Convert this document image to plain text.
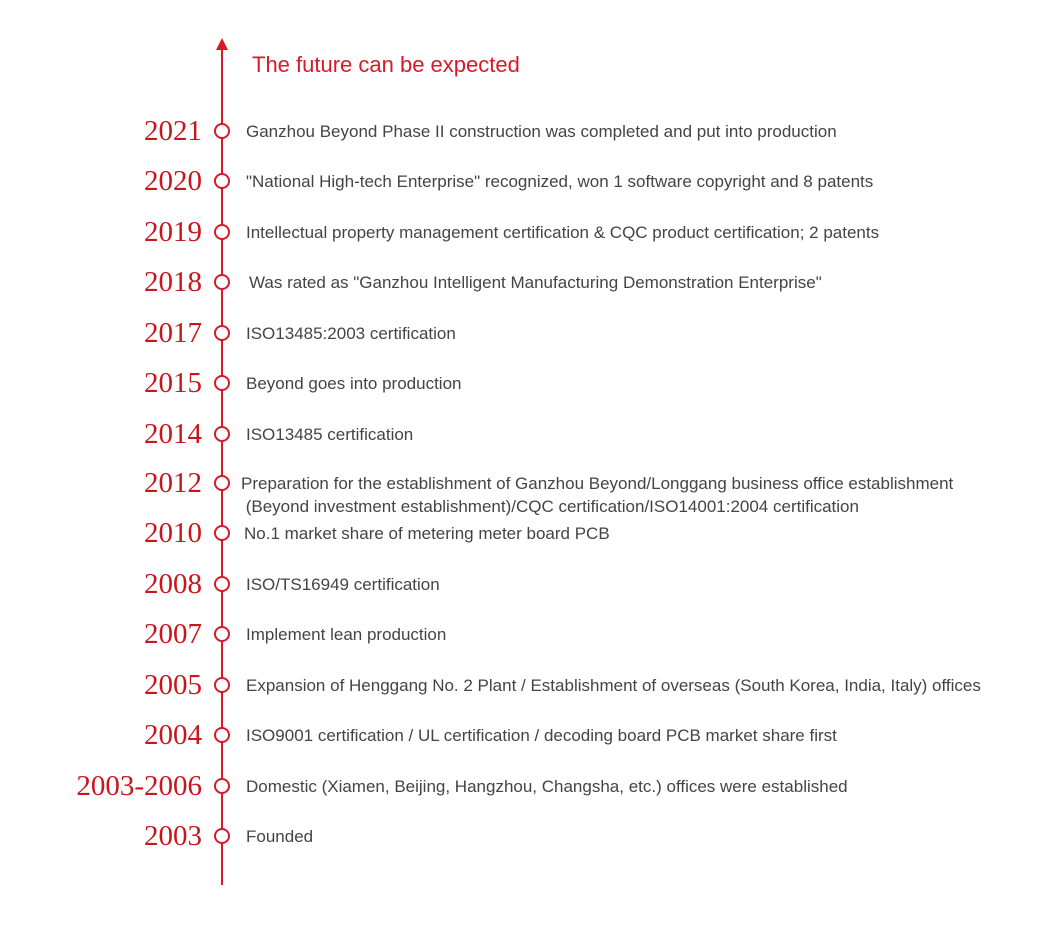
The future can be expected
2021	Ganzhou Beyond Phase II construction was completed and put into production
2020	"National High-tech Enterprise" recognized, won 1 software copyright and 8 patents
2019	Intellectual property management certification & CQC product certification; 2 patents
2018	Was rated as "Ganzhou Intelligent Manufacturing Demonstration Enterprise"
2017	ISO13485:2003 certification
2015	Beyond goes into production
2014	ISO13485 certification
2012 Preparation for the establishment of Ganzhou Beyond/Longgang business office establishment
(Beyond investment establishment)/CQC certification/ISO14001:2004 certification
2010 No.1 market share of metering meter board PCB
2008	ISO/TS16949 certification
2007	Implement lean production
2005	Expansion of Henggang No. 2 Plant / Establishment of overseas (South Korea, India, Italy) offices
2004	ISO9001 certification / UL certification / decoding board PCB market share first
2003-2006	Domestic (Xiamen, Beijing, Hangzhou, Changsha, etc.) offices were established
2003	Founded
